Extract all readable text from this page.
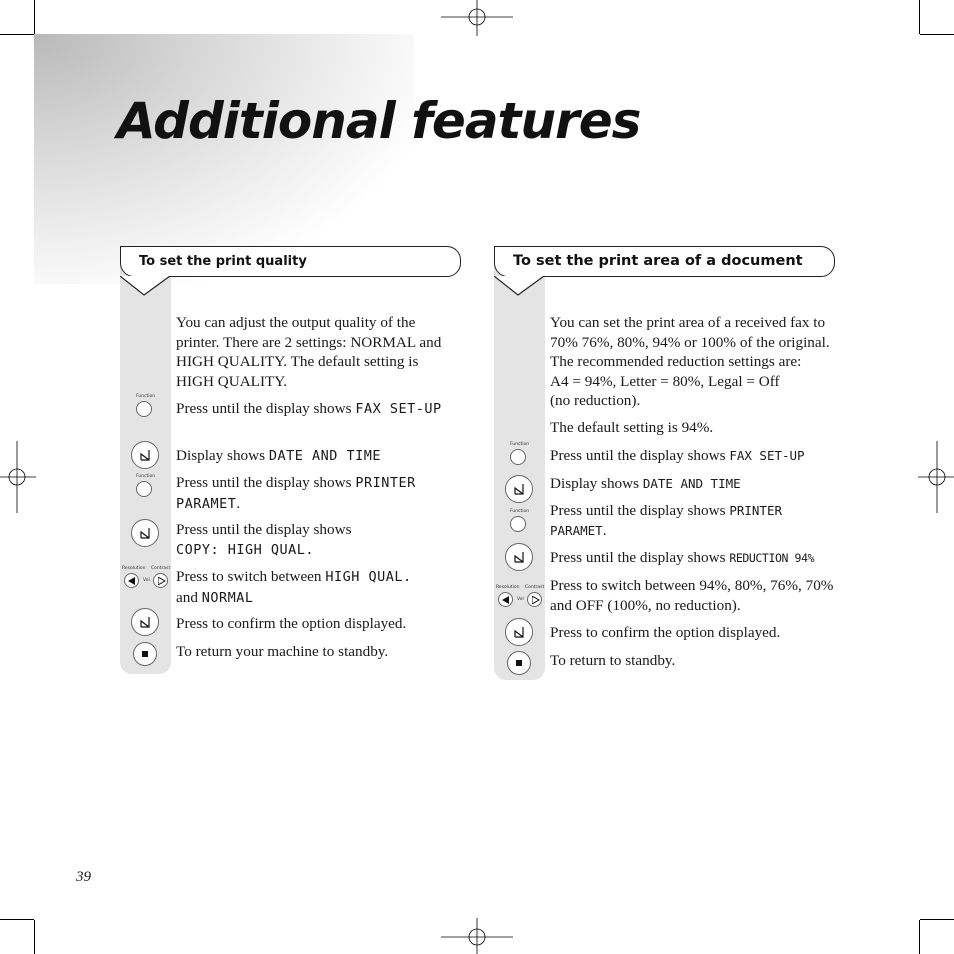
Additional features
To set the print quality
Function
Function
Resolution Contrast
Vol

You can adjust the output quality of the printer. There are 2 settings: NORMAL and HIGH QUALITY. The default setting is HIGH QUALITY.

Press until the display shows FAX SET-UP
Display shows DATE AND TIME
Press until the display shows PRINTER PARAMET.
Press until the display shows
COPY: HIGH QUAL.
Press to switch between HIGH QUAL.
and NORMAL
Press to confirm the option displayed.
To return your machine to standby.
To set the print area of a document
Function
Function
Resolution Contrast
Vol

You can set the print area of a received fax to 70% 76%, 80%, 94% or 100% of the original. The recommended reduction settings are:

A4 = 94%, Letter = 80%, Legal = Off

(no reduction).

The default setting is 94%.
Press until the display shows FAX SET-UP
Display shows DATE AND TIME
Press until the display shows PRINTER PARAMET.
Press until the display shows REDUCTION 94%
Press to switch between 94%, 80%, 76%, 70% and OFF (100%, no reduction).
Press to confirm the option displayed.
To return to standby.
39
